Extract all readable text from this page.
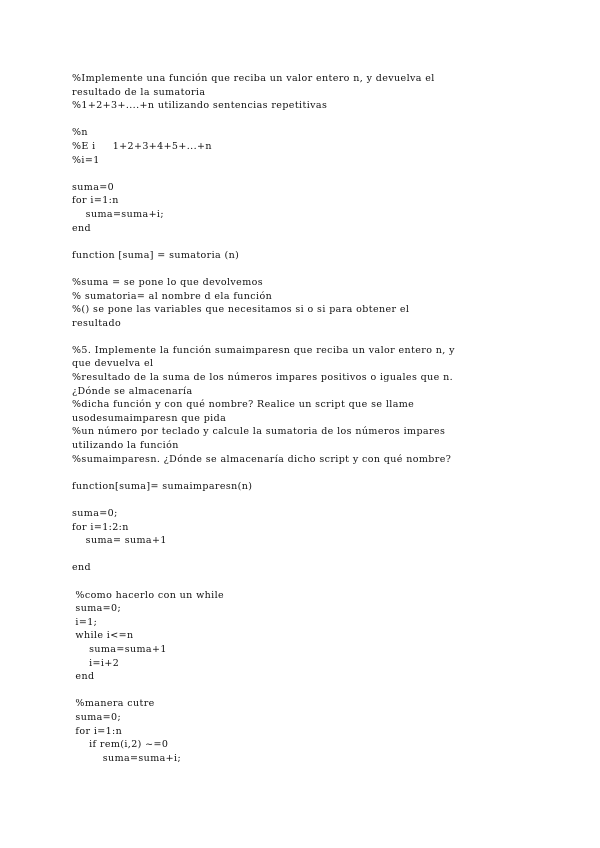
%Implemente una función que reciba un valor entero n, y devuelva el
resultado de la sumatoria
%1+2+3+....+n utilizando sentencias repetitivas
%n
%E i     1+2+3+4+5+...+n
%i=1
suma=0
for i=1:n
suma=suma+i;
end
function [suma] = sumatoria (n)
%suma = se pone lo que devolvemos
% sumatoria= al nombre d ela función
%() se pone las variables que necesitamos si o si para obtener el
resultado
%5. Implemente la función sumaimparesn que reciba un valor entero n, y
que devuelva el
%resultado de la suma de los números impares positivos o iguales que n.
¿Dónde se almacenaría
%dicha función y con qué nombre? Realice un script que se llame
usodesumaimparesn que pida
%un número por teclado y calcule la sumatoria de los números impares
utilizando la función
%sumaimparesn. ¿Dónde se almacenaría dicho script y con qué nombre?
function[suma]= sumaimparesn(n)
suma=0;
for i=1:2:n
suma= suma+1
end
%como hacerlo con un while
suma=0;
i=1;
while i<=n
suma=suma+1
i=i+2
end
%manera cutre
suma=0;
for i=1:n
if rem(i,2) ~=0
suma=suma+i;
